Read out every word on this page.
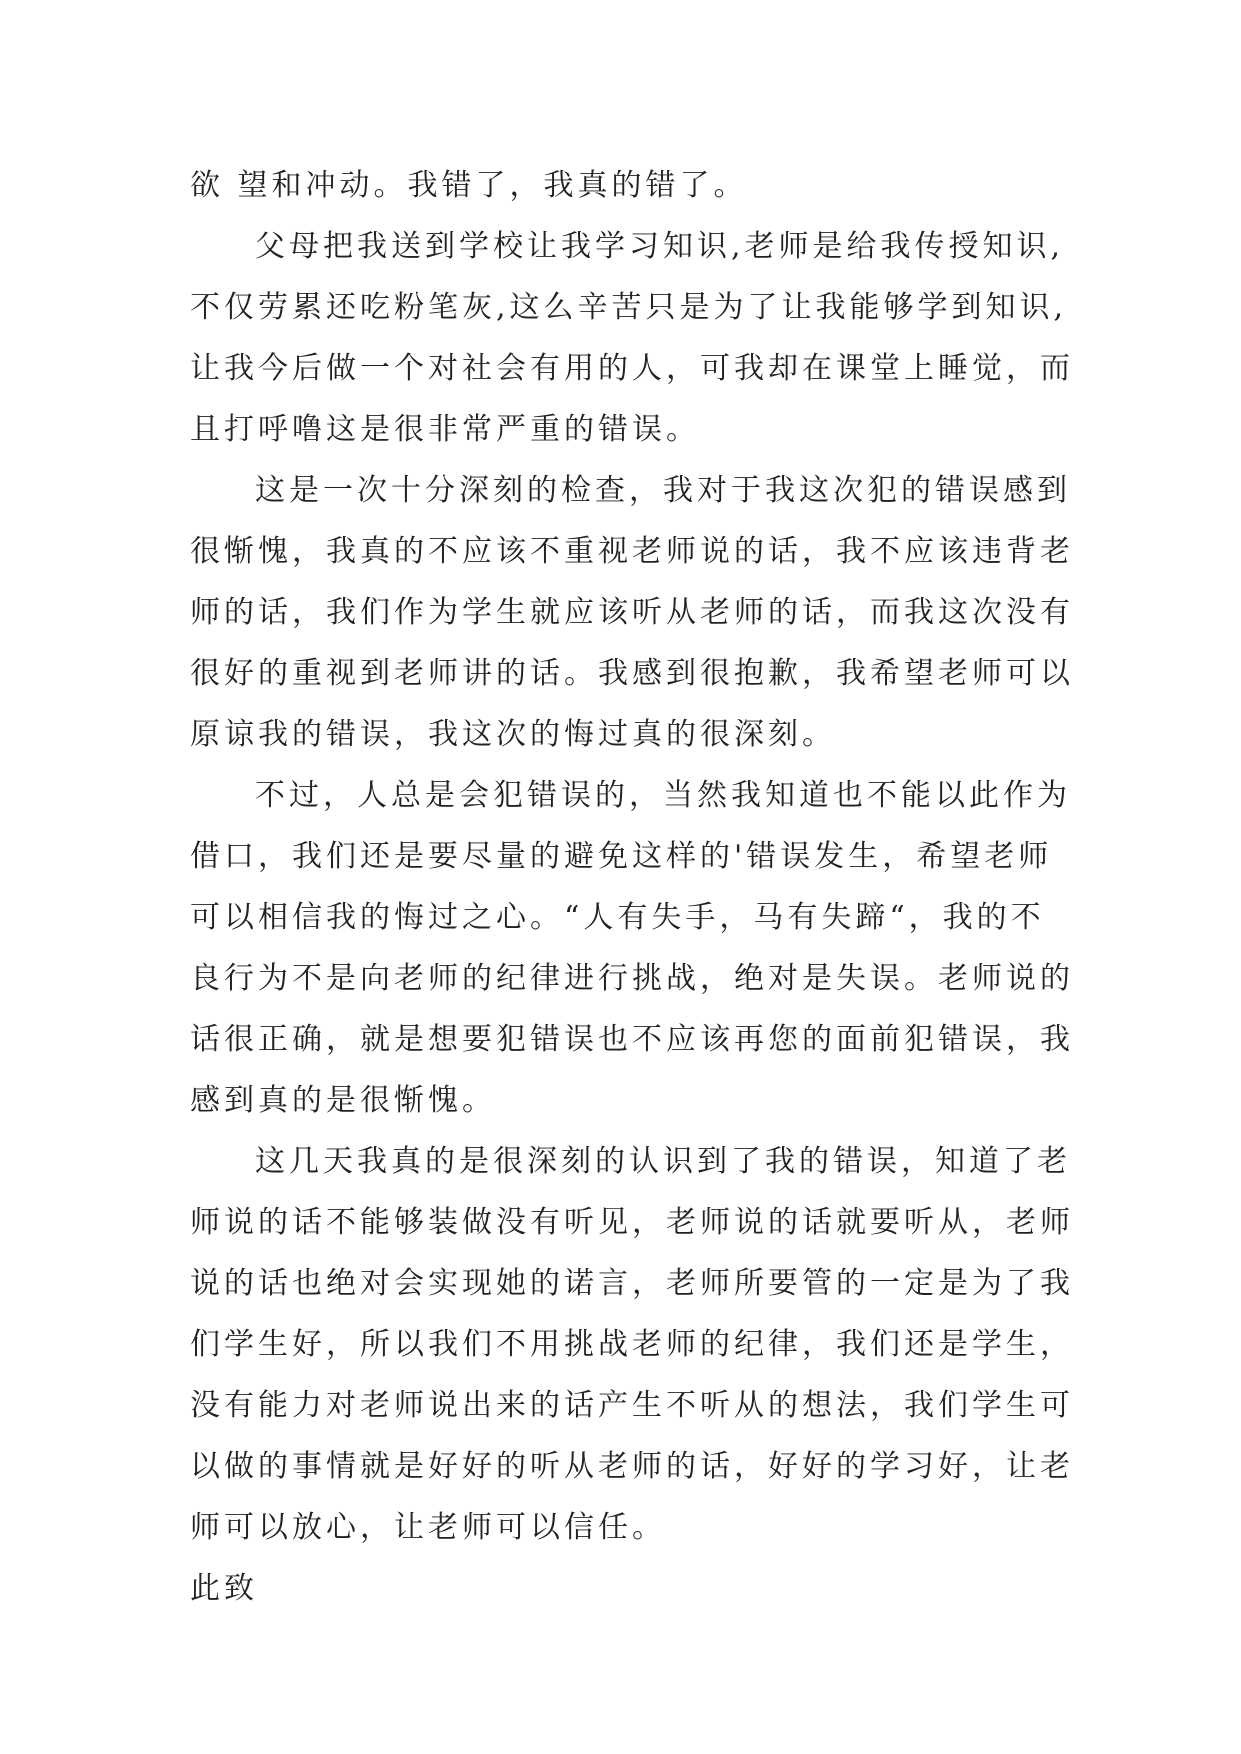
欲 望和冲动。我错了，我真的错了。
父母把我送到学校让我学习知识,老师是给我传授知识,
不仅劳累还吃粉笔灰,这么辛苦只是为了让我能够学到知识,
让我今后做一个对社会有用的人，可我却在课堂上睡觉，而
且打呼噜这是很非常严重的错误。
这是一次十分深刻的检查，我对于我这次犯的错误感到
很惭愧，我真的不应该不重视老师说的话，我不应该违背老
师的话，我们作为学生就应该听从老师的话，而我这次没有
很好的重视到老师讲的话。我感到很抱歉，我希望老师可以
原谅我的错误，我这次的悔过真的很深刻。
不过，人总是会犯错误的，当然我知道也不能以此作为
借口，我们还是要尽量的避免这样的'错误发生，希望老师
可以相信我的悔过之心。“人有失手，马有失蹄“，我的不
良行为不是向老师的纪律进行挑战，绝对是失误。老师说的
话很正确，就是想要犯错误也不应该再您的面前犯错误，我
感到真的是很惭愧。
这几天我真的是很深刻的认识到了我的错误，知道了老
师说的话不能够装做没有听见，老师说的话就要听从，老师
说的话也绝对会实现她的诺言，老师所要管的一定是为了我
们学生好，所以我们不用挑战老师的纪律，我们还是学生，
没有能力对老师说出来的话产生不听从的想法，我们学生可
以做的事情就是好好的听从老师的话，好好的学习好，让老
师可以放心，让老师可以信任。
此致
